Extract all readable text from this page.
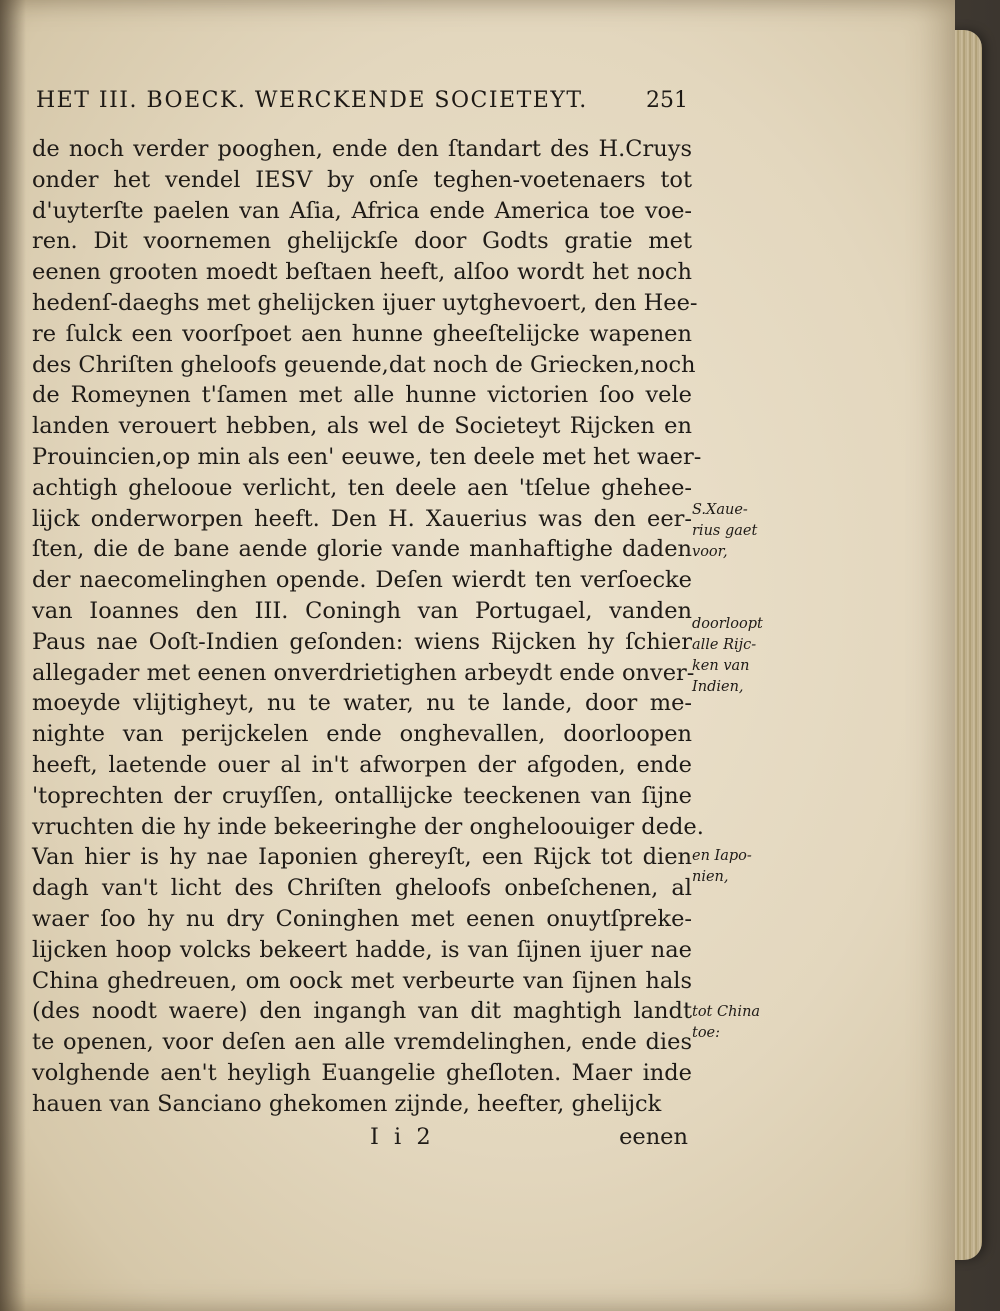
HET III. BOECK. WERCKENDE SOCIETEYT.	251
de noch verder pooghen, ende den ſtandart des H.Cruys
onder het vendel IESV by onſe teghen-voetenaers tot
d'uyterſte paelen van Aſia, Africa ende America toe voe-
ren. Dit voornemen ghelijckſe door Godts gratie met
eenen grooten moedt beſtaen heeft, alſoo wordt het noch
hedenſ-daeghs met ghelijcken ijuer uytghevoert, den Hee-
re ſulck een voorſpoet aen hunne gheeſtelijcke wapenen
des Chriſten gheloofs geuende,dat noch de Griecken,noch
de Romeynen t'ſamen met alle hunne victorien ſoo vele
landen verouert hebben, als wel de Societeyt Rijcken en
Prouincien,op min als een' eeuwe, ten deele met het waer-
achtigh ghelooue verlicht, ten deele aen 'tſelue ghehee-
lijck onderworpen heeft. Den H. Xauerius was den eer-
ſten, die de bane aende glorie vande manhaftighe daden
der naecomelinghen opende. Deſen wierdt ten verſoecke
van Ioannes den III. Coningh van Portugael, vanden
Paus nae Ooſt-Indien geſonden: wiens Rijcken hy ſchier
allegader met eenen onverdrietighen arbeydt ende onver-
moeyde vlijtigheyt, nu te water, nu te lande, door me-
nighte van perijckelen ende onghevallen, doorloopen
heeft, laetende ouer al in't afworpen der afgoden, ende
'toprechten der cruyſſen, ontallijcke teeckenen van ſijne
vruchten die hy inde bekeeringhe der ongheloouiger dede.
Van hier is hy nae Iaponien ghereyſt, een Rijck tot dien
dagh van't licht des Chriſten gheloofs onbeſchenen, al
waer ſoo hy nu dry Coninghen met eenen onuytſpreke-
lijcken hoop volcks bekeert hadde, is van ſijnen ijuer nae
China ghedreuen, om oock met verbeurte van ſijnen hals
(des noodt waere) den ingangh van dit maghtigh landt
te openen, voor deſen aen alle vremdelinghen, ende dies
volghende aen't heyligh Euangelie gheſloten. Maer inde
hauen van Sanciano ghekomen zijnde, heefter, ghelijck
S.Xaue-
rius gaet
voor,
doorloopt
alle Rijc-
ken van
Indien,
en Iapo-
nien,
tot China
toe:
I i 2	eenen
